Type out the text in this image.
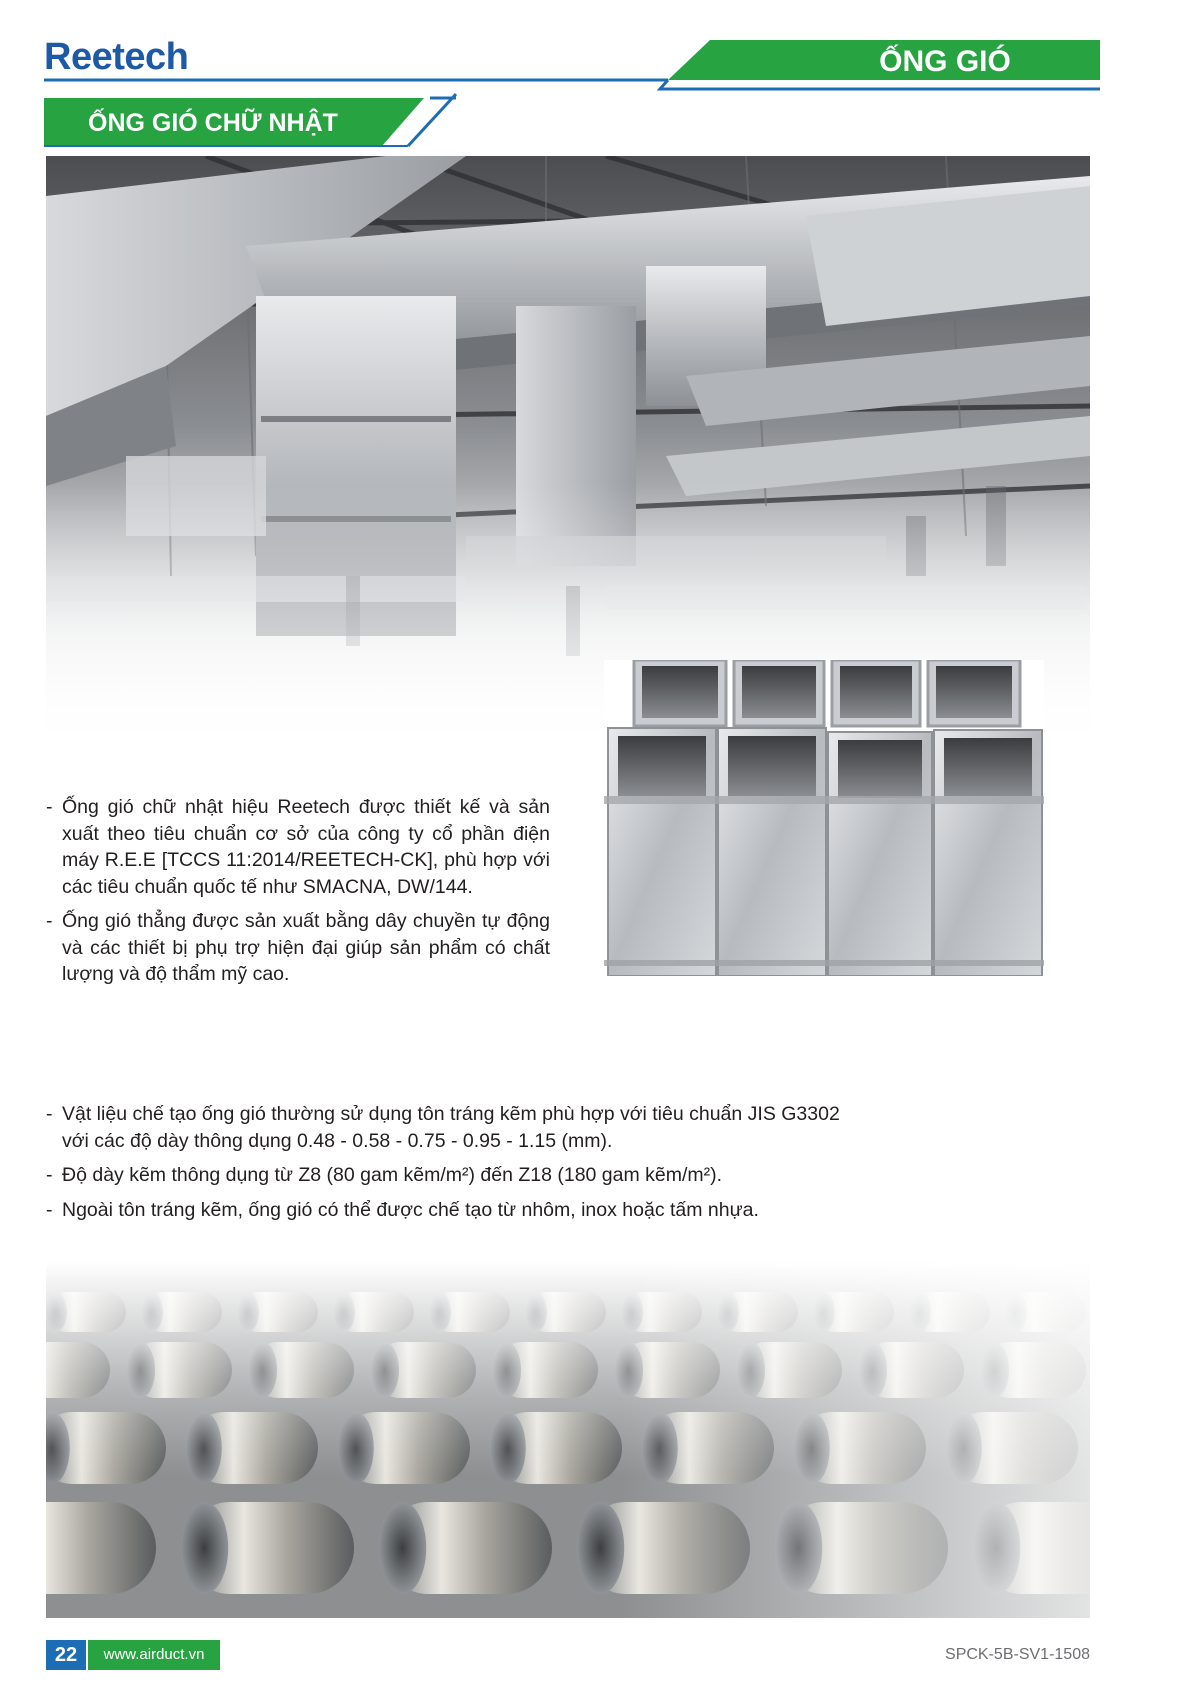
Reetech	ỐNG GIÓ
ỐNG GIÓ CHỮ NHẬT

- Ống gió chữ nhật hiệu Reetech được thiết kế và sản xuất theo tiêu chuẩn cơ sở của công ty cổ phần điện máy R.E.E [TCCS 11:2014/REETECH-CK], phù hợp với các tiêu chuẩn quốc tế như SMACNA, DW/144.

- Ống gió thẳng được sản xuất bằng dây chuyền tự động và các thiết bị phụ trợ hiện đại giúp sản phẩm có chất lượng và độ thẩm mỹ cao.

- Vật liệu chế tạo ống gió thường sử dụng tôn tráng kẽm phù hợp với tiêu chuẩn JIS G3302 với các độ dày thông dụng 0.48 - 0.58 - 0.75 - 0.95 - 1.15 (mm).

- Độ dày kẽm thông dụng từ Z8 (80 gam kẽm/m²) đến Z18 (180 gam kẽm/m²).

- Ngoài tôn tráng kẽm, ống gió có thể được chế tạo từ nhôm, inox hoặc tấm nhựa.

22	www.airduct.vn	SPCK-5B-SV1-1508
